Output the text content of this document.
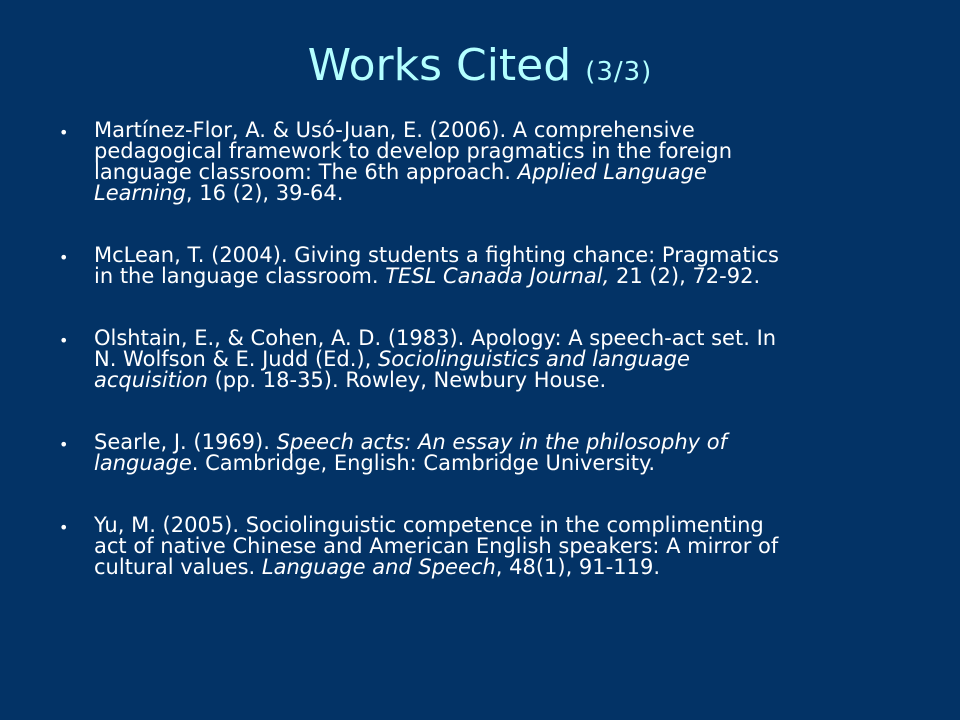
Works Cited (3/3)
• Martínez-Flor, A. & Usó-Juan, E. (2006). A comprehensive
pedagogical framework to develop pragmatics in the foreign
language classroom: The 6th approach. Applied Language
Learning, 16 (2), 39-64.
• McLean, T. (2004). Giving students a fighting chance: Pragmatics
in the language classroom. TESL Canada Journal, 21 (2), 72-92.
• Olshtain, E., & Cohen, A. D. (1983). Apology: A speech-act set. In
N. Wolfson & E. Judd (Ed.), Sociolinguistics and language
acquisition (pp. 18-35). Rowley, Newbury House.
• Searle, J. (1969). Speech acts: An essay in the philosophy of
language. Cambridge, English: Cambridge University.
• Yu, M. (2005). Sociolinguistic competence in the complimenting
act of native Chinese and American English speakers: A mirror of
cultural values. Language and Speech, 48(1), 91-119.
